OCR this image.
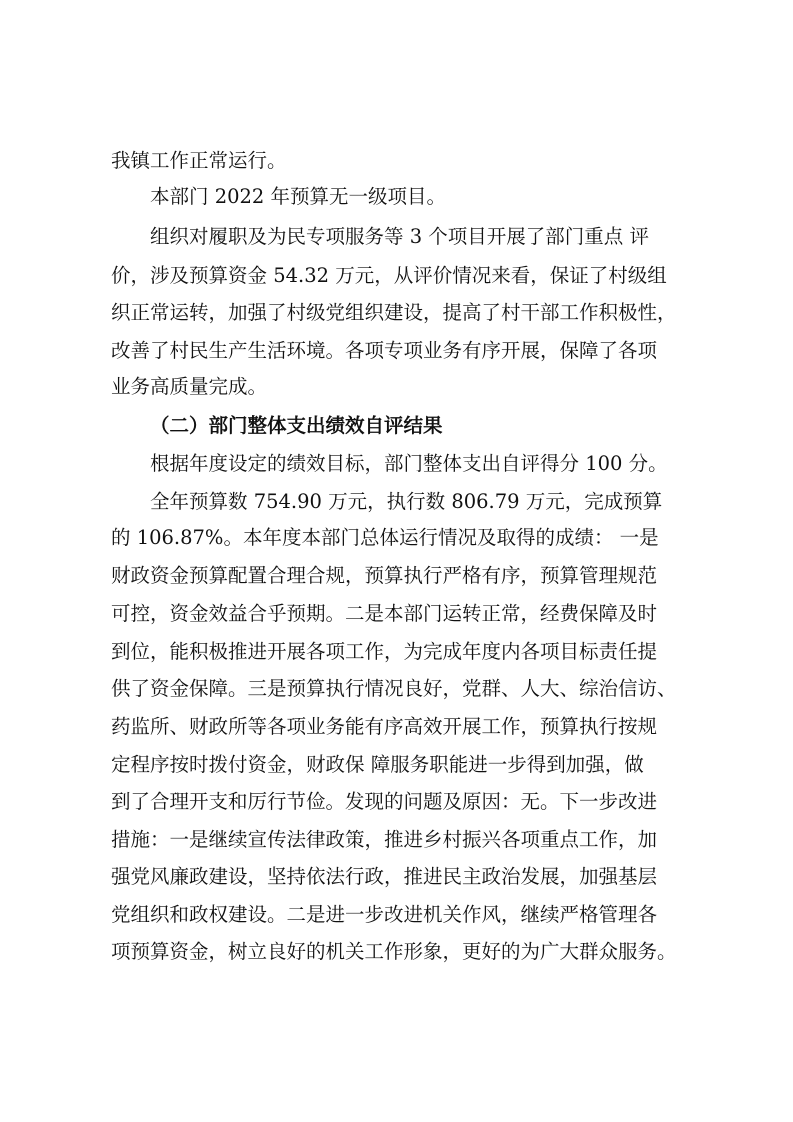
我镇工作正常运行。

本部门 2022 年预算无一级项目。

组织对履职及为民专项服务等 3 个项目开展了部门重点 评

价，涉及预算资金 54.32 万元，从评价情况来看，保证了村级组

织正常运转，加强了村级党组织建设，提高了村干部工作积极性，

改善了村民生产生活环境。各项专项业务有序开展，保障了各项

业务高质量完成。

（二）部门整体支出绩效自评结果

根据年度设定的绩效目标，部门整体支出自评得分 100 分。

全年预算数 754.90 万元，执行数 806.79 万元，完成预算

的 106.87%。本年度本部门总体运行情况及取得的成绩： 一是

财政资金预算配置合理合规，预算执行严格有序，预算管理规范

可控，资金效益合乎预期。二是本部门运转正常，经费保障及时

到位，能积极推进开展各项工作，为完成年度内各项目标责任提

供了资金保障。三是预算执行情况良好，党群、人大、综治信访、

药监所、财政所等各项业务能有序高效开展工作，预算执行按规

定程序按时拨付资金，财政保 障服务职能进一步得到加强，做

到了合理开支和厉行节俭。发现的问题及原因：无。下一步改进

措施：一是继续宣传法律政策，推进乡村振兴各项重点工作，加

强党风廉政建设，坚持依法行政，推进民主政治发展，加强基层

党组织和政权建设。二是进一步改进机关作风，继续严格管理各

项预算资金，树立良好的机关工作形象，更好的为广大群众服务。
